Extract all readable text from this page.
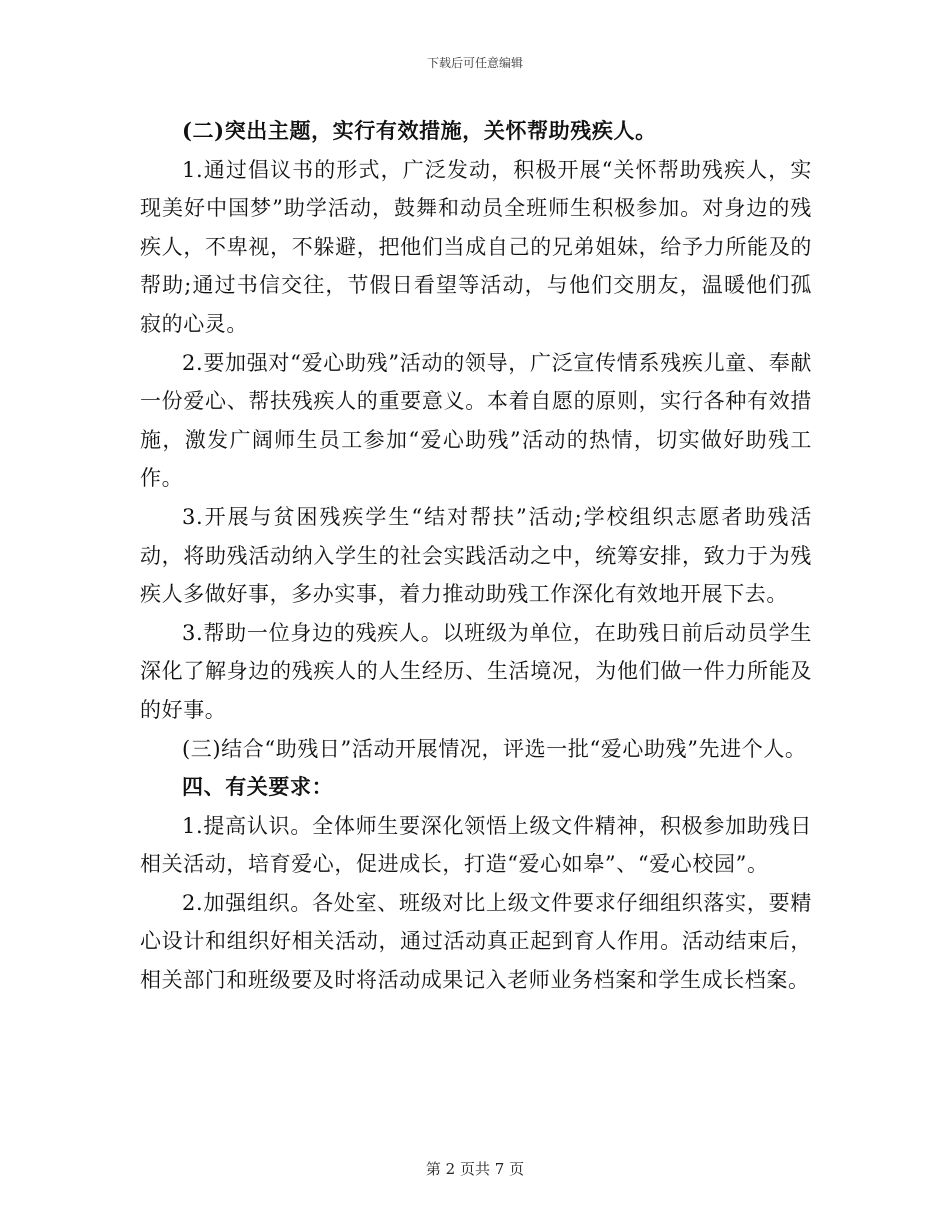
下载后可任意编辑

(二)突出主题，实行有效措施，关怀帮助残疾人。

1.通过倡议书的形式，广泛发动，积极开展“关怀帮助残疾人，实现美好中国梦”助学活动，鼓舞和动员全班师生积极参加。对身边的残疾人，不卑视，不躲避，把他们当成自己的兄弟姐妹，给予力所能及的帮助;通过书信交往，节假日看望等活动，与他们交朋友，温暖他们孤寂的心灵。

2.要加强对“爱心助残”活动的领导，广泛宣传情系残疾儿童、奉献一份爱心、帮扶残疾人的重要意义。本着自愿的原则，实行各种有效措施，激发广阔师生员工参加“爱心助残”活动的热情，切实做好助残工作。

3.开展与贫困残疾学生“结对帮扶”活动;学校组织志愿者助残活动，将助残活动纳入学生的社会实践活动之中，统筹安排，致力于为残疾人多做好事，多办实事，着力推动助残工作深化有效地开展下去。

3.帮助一位身边的残疾人。以班级为单位，在助残日前后动员学生深化了解身边的残疾人的人生经历、生活境况，为他们做一件力所能及的好事。

(三)结合“助残日”活动开展情况，评选一批“爱心助残”先进个人。

四、有关要求：

1.提高认识。全体师生要深化领悟上级文件精神，积极参加助残日相关活动，培育爱心，促进成长，打造“爱心如皋”、“爱心校园”。

2.加强组织。各处室、班级对比上级文件要求仔细组织落实，要精心设计和组织好相关活动，通过活动真正起到育人作用。活动结束后，相关部门和班级要及时将活动成果记入老师业务档案和学生成长档案。

第 2 页共 7 页
